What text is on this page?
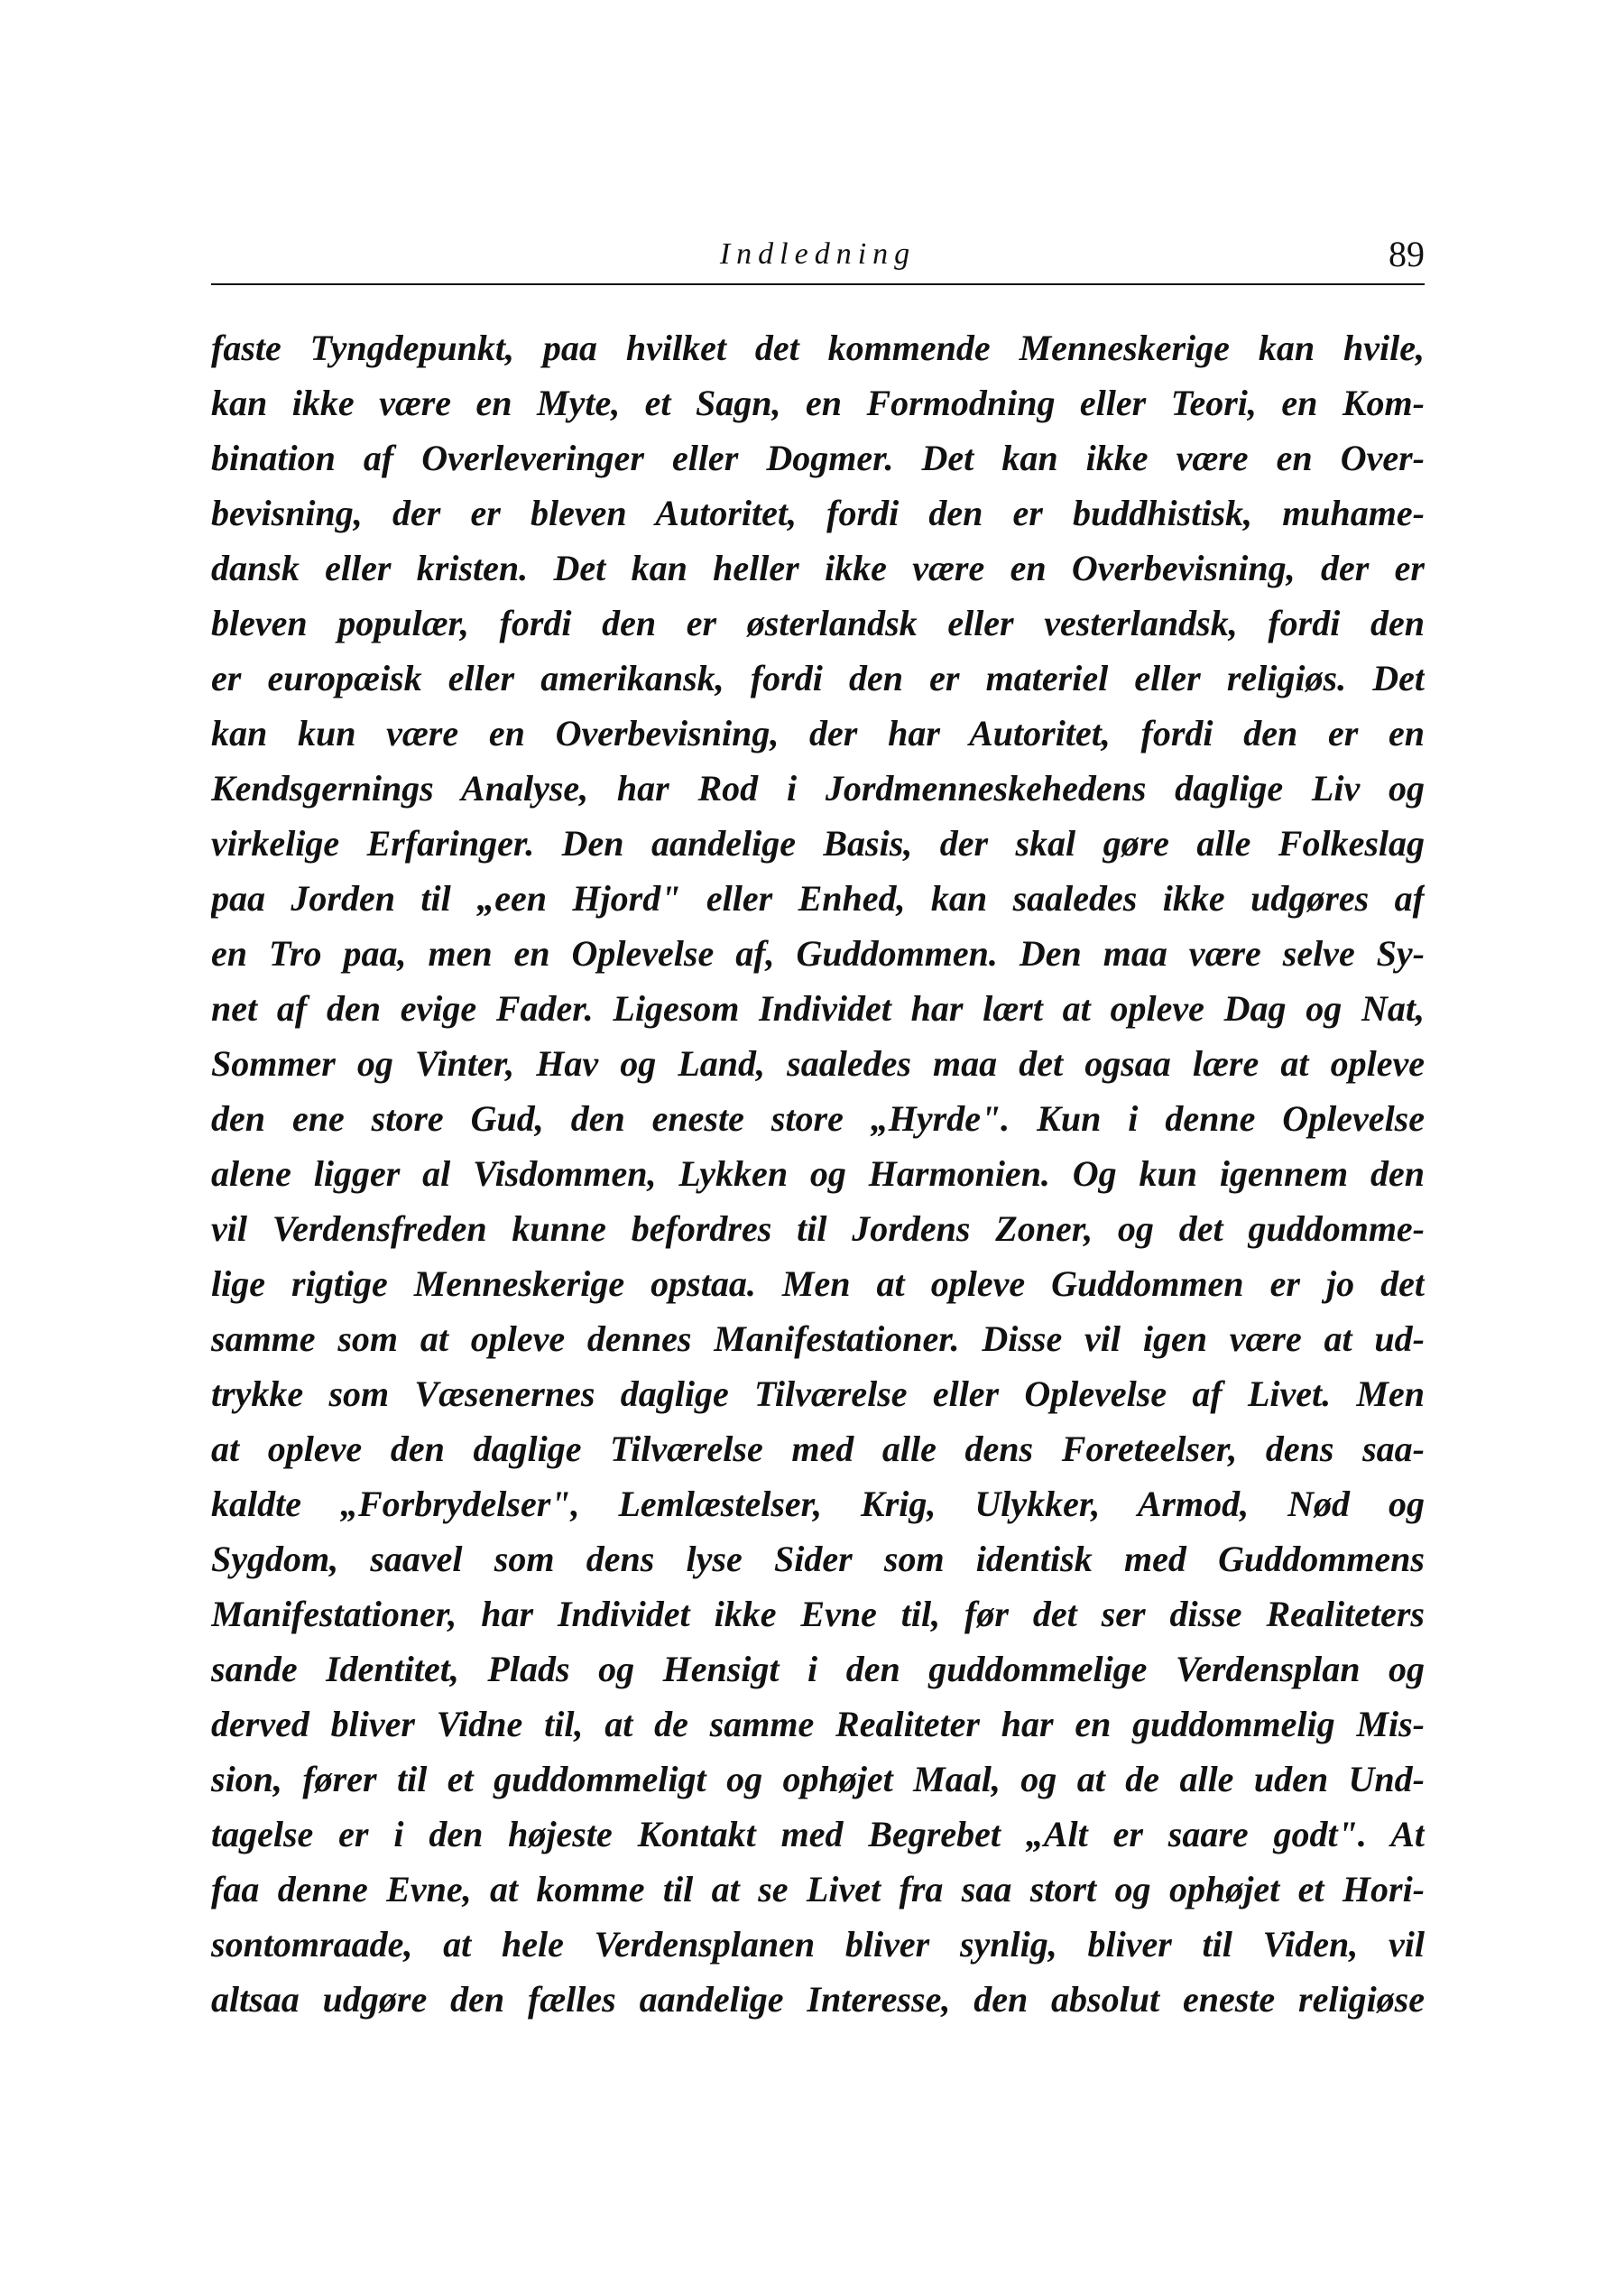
Indledning	89
faste Tyngdepunkt, paa hvilket det kommende Menneskerige kan hvile,
kan ikke være en Myte, et Sagn, en Formodning eller Teori, en Kom-
bination af Overleveringer eller Dogmer. Det kan ikke være en Over-
bevisning, der er bleven Autoritet, fordi den er buddhistisk, muhame-
dansk eller kristen. Det kan heller ikke være en Overbevisning, der er
bleven populær, fordi den er østerlandsk eller vesterlandsk, fordi den
er europæisk eller amerikansk, fordi den er materiel eller religiøs. Det
kan kun være en Overbevisning, der har Autoritet, fordi den er en
Kendsgernings Analyse, har Rod i Jordmenneskehedens daglige Liv og
virkelige Erfaringer. Den aandelige Basis, der skal gøre alle Folkeslag
paa Jorden til „een Hjord" eller Enhed, kan saaledes ikke udgøres af
en Tro paa, men en Oplevelse af, Guddommen. Den maa være selve Sy-
net af den evige Fader. Ligesom Individet har lært at opleve Dag og Nat,
Sommer og Vinter, Hav og Land, saaledes maa det ogsaa lære at opleve
den ene store Gud, den eneste store „Hyrde". Kun i denne Oplevelse
alene ligger al Visdommen, Lykken og Harmonien. Og kun igennem den
vil Verdensfreden kunne befordres til Jordens Zoner, og det guddomme-
lige rigtige Menneskerige opstaa. Men at opleve Guddommen er jo det
samme som at opleve dennes Manifestationer. Disse vil igen være at ud-
trykke som Væsenernes daglige Tilværelse eller Oplevelse af Livet. Men
at opleve den daglige Tilværelse med alle dens Foreteelser, dens saa-
kaldte „Forbrydelser", Lemlæstelser, Krig, Ulykker, Armod, Nød og
Sygdom, saavel som dens lyse Sider som identisk med Guddommens
Manifestationer, har Individet ikke Evne til, før det ser disse Realiteters
sande Identitet, Plads og Hensigt i den guddommelige Verdensplan og
derved bliver Vidne til, at de samme Realiteter har en guddommelig Mis-
sion, fører til et guddommeligt og ophøjet Maal, og at de alle uden Und-
tagelse er i den højeste Kontakt med Begrebet „Alt er saare godt". At
faa denne Evne, at komme til at se Livet fra saa stort og ophøjet et Hori-
sontomraade, at hele Verdensplanen bliver synlig, bliver til Viden, vil
altsaa udgøre den fælles aandelige Interesse, den absolut eneste religiøse
